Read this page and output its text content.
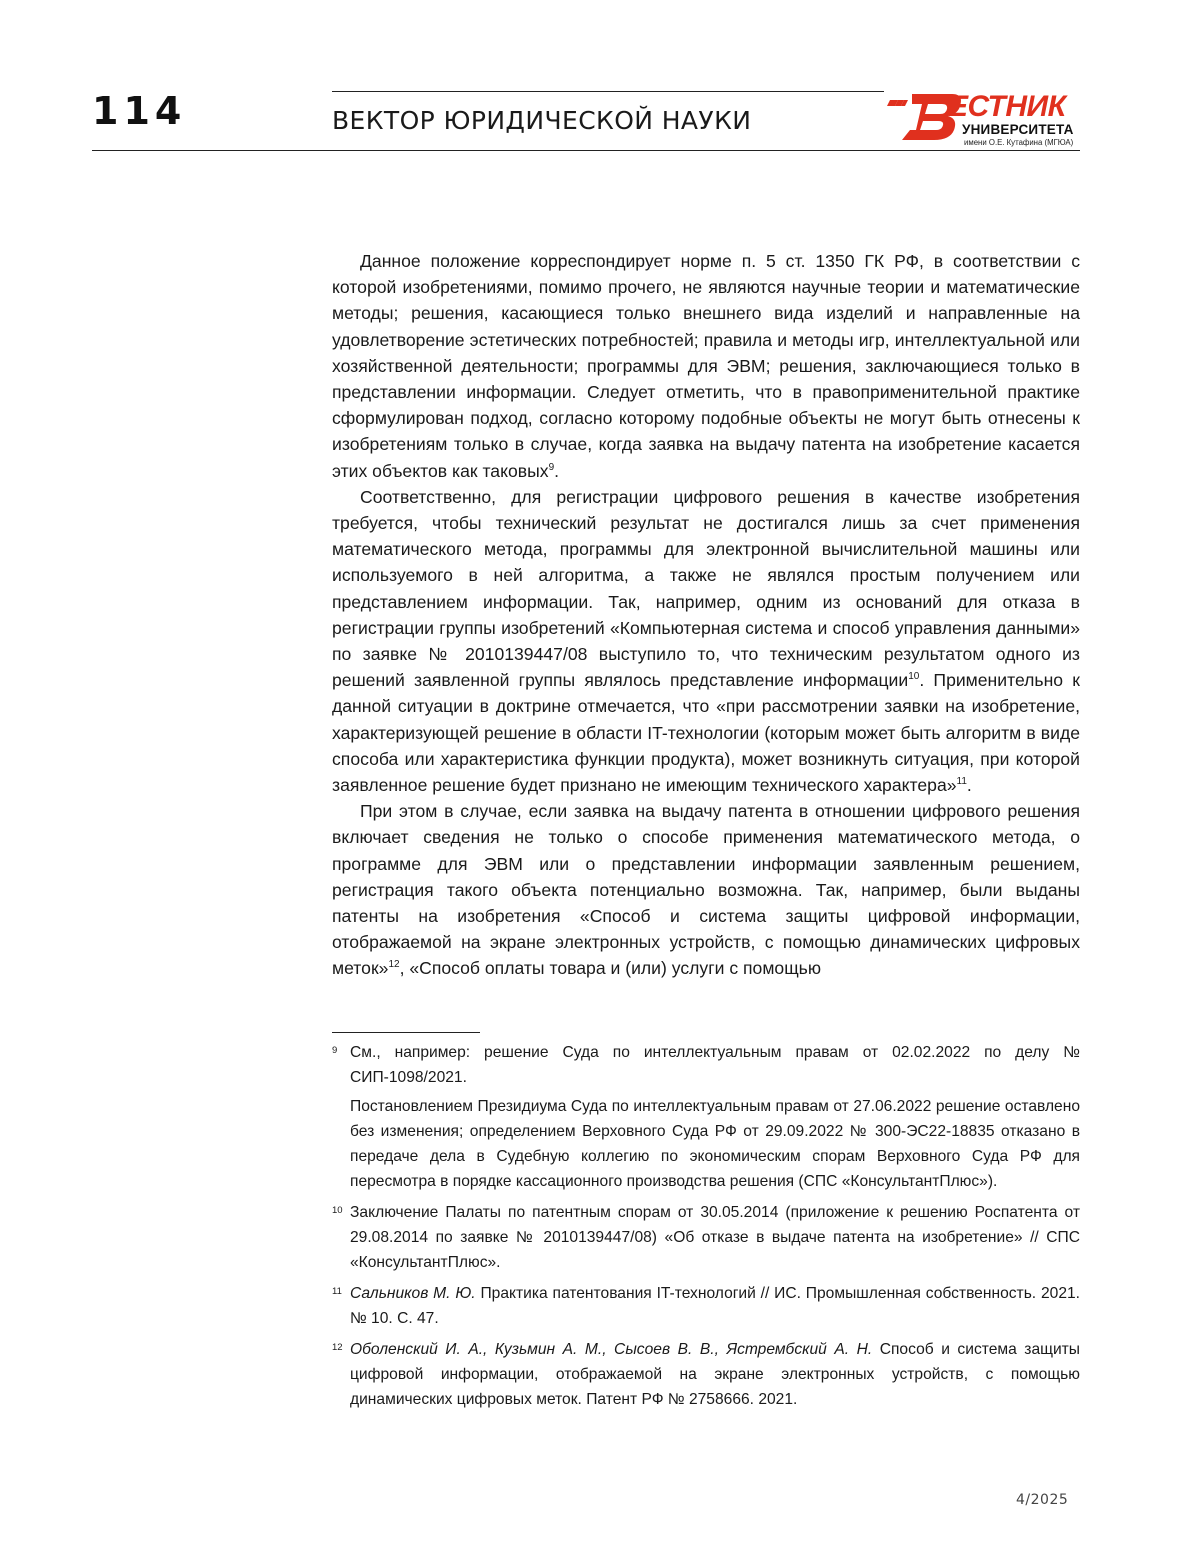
114	ВЕКТОР ЮРИДИЧЕСКОЙ НАУКИ	ЕСТНИК
УНИВЕРСИТЕТА
имени О.Е. Кутафина (МГЮА)

Данное положение корреспондирует норме п. 5 ст. 1350 ГК РФ, в соответствии с которой изобретениями, помимо прочего, не являются научные теории и математические методы; решения, касающиеся только внешнего вида изделий и направленные на удовлетворение эстетических потребностей; правила и методы игр, интеллектуальной или хозяйственной деятельности; программы для ЭВМ; решения, заключающиеся только в представлении информации. Следует отметить, что в правоприменительной практике сформулирован подход, согласно которому подобные объекты не могут быть отнесены к изобретениям только в случае, когда заявка на выдачу патента на изобретение касается этих объектов как таковых$^9$.

Соответственно, для регистрации цифрового решения в качестве изобретения требуется, чтобы технический результат не достигался лишь за счет применения математического метода, программы для электронной вычислительной машины или используемого в ней алгоритма, а также не являлся простым получением или представлением информации. Так, например, одним из оснований для отказа в регистрации группы изобретений «Компьютерная система и способ управления данными» по заявке № 2010139447/08 выступило то, что техническим результатом одного из решений заявленной группы являлось представление информации$^{10}$. Применительно к данной ситуации в доктрине отмечается, что «при рассмотрении заявки на изобретение, характеризующей решение в области IT-технологии (которым может быть алгоритм в виде способа или характеристика функции продукта), может возникнуть ситуация, при которой заявленное решение будет признано не имеющим технического характера»$^{11}$.

При этом в случае, если заявка на выдачу патента в отношении цифрового решения включает сведения не только о способе применения математического метода, о программе для ЭВМ или о представлении информации заявленным решением, регистрация такого объекта потенциально возможна. Так, например, были выданы патенты на изобретения «Способ и система защиты цифровой информации, отображаемой на экране электронных устройств, с помощью динамических цифровых меток»$^{12}$, «Способ оплаты товара и (или) услуги с помощью

9 См., например: решение Суда по интеллектуальным правам от 02.02.2022 по делу № СИП-1098/2021.

Постановлением Президиума Суда по интеллектуальным правам от 27.06.2022 решение оставлено без изменения; определением Верховного Суда РФ от 29.09.2022 № 300-ЭС22-18835 отказано в передаче дела в Судебную коллегию по экономическим спорам Верховного Суда РФ для пересмотра в порядке кассационного производства решения (СПС «КонсультантПлюс»).

10 Заключение Палаты по патентным спорам от 30.05.2014 (приложение к решению Роспатента от 29.08.2014 по заявке № 2010139447/08) «Об отказе в выдаче патента на изобретение» // СПС «КонсультантПлюс».

11 Сальников М. Ю. Практика патентования IT-технологий // ИС. Промышленная собственность. 2021. № 10. С. 47.

12 Оболенский И. А., Кузьмин А. М., Сысоев В. В., Ястрембский А. Н. Способ и система защиты цифровой информации, отображаемой на экране электронных устройств, с помощью динамических цифровых меток. Патент РФ № 2758666. 2021.

4/2025
